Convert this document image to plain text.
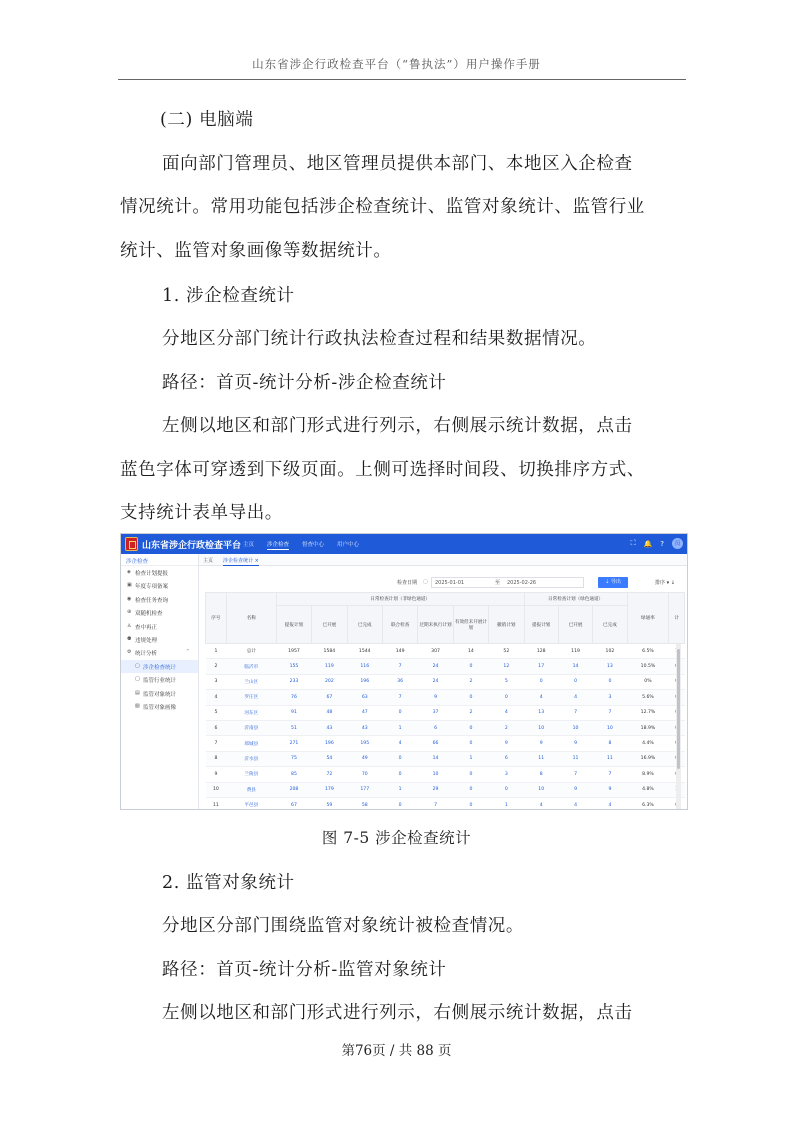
山东省涉企行政检查平台（“鲁执法”）用户操作手册
(二) 电脑端
面向部门管理员、地区管理员提供本部门、本地区入企检查
情况统计。常用功能包括涉企检查统计、监管对象统计、监管行业
统计、监管对象画像等数据统计。
1. 涉企检查统计
分地区分部门统计行政执法检查过程和结果数据情况。
路径：首页-统计分析-涉企检查统计
左侧以地区和部门形式进行列示，右侧展示统计数据，点击
蓝色字体可穿透到下级页面。上侧可选择时间段、切换排序方式、
支持统计表单导出。
山东省涉企行政检查平台 主页 涉企检查 督查中心 用户中心	⛶ 🔔 ?	员
涉企检查
◈ 检查计划提报
▣ 年度专项备案
◉ 检查任务查询
⊕ 双随机检查
♙ 查中再正
⚉ 违规处理
⚙ 统计分析	⌃
▢ 涉企检查统计
▢ 监管行业统计
▤ 监管对象统计
▧ 监管对象画像
主页 涉企检查统计 ×
检查日期 ▢	2025-01-01	至	2025-02-26	⇣ 导出	排序 ▾ ↓
序号	名称	日常检查计划（非绿色通道）							日常检查计划（绿色通道）			绿通率	计
		提报计划	已开展	已完成	联合检查	过期未执行计划	有效但未开展计划	撤销计划	提报计划	已开展	已完成		
1	总计	1957	1584	1544	149	307	14	52	128	119	102	6.5%	
2	临沂市	155	119	116	7	24	0	12	17	14	13	10.5%	
3	兰山区	233	202	196	36	24	2	5	0	0	0	0%	
4	罗庄区	76	67	63	7	9	0	0	4	4	3	5.6%	
5	河东区	91	48	47	0	37	2	4	13	7	7	12.7%	
6	沂南县	51	43	43	1	6	0	2	10	10	10	18.9%	
7	郯城县	271	196	195	4	66	0	9	9	9	8	4.4%	
8	沂水县	75	54	49	0	14	1	6	11	11	11	16.9%	
9	兰陵县	85	72	70	0	10	0	3	8	7	7	8.9%	
10	费县	208	179	177	1	29	0	0	10	9	9	4.8%	
11	平邑县	67	59	58	0	7	0	1	4	4	4	6.3%	
图 7-5 涉企检查统计
2. 监管对象统计
分地区分部门围绕监管对象统计被检查情况。
路径：首页-统计分析-监管对象统计
左侧以地区和部门形式进行列示，右侧展示统计数据，点击
第76页 / 共 88 页
